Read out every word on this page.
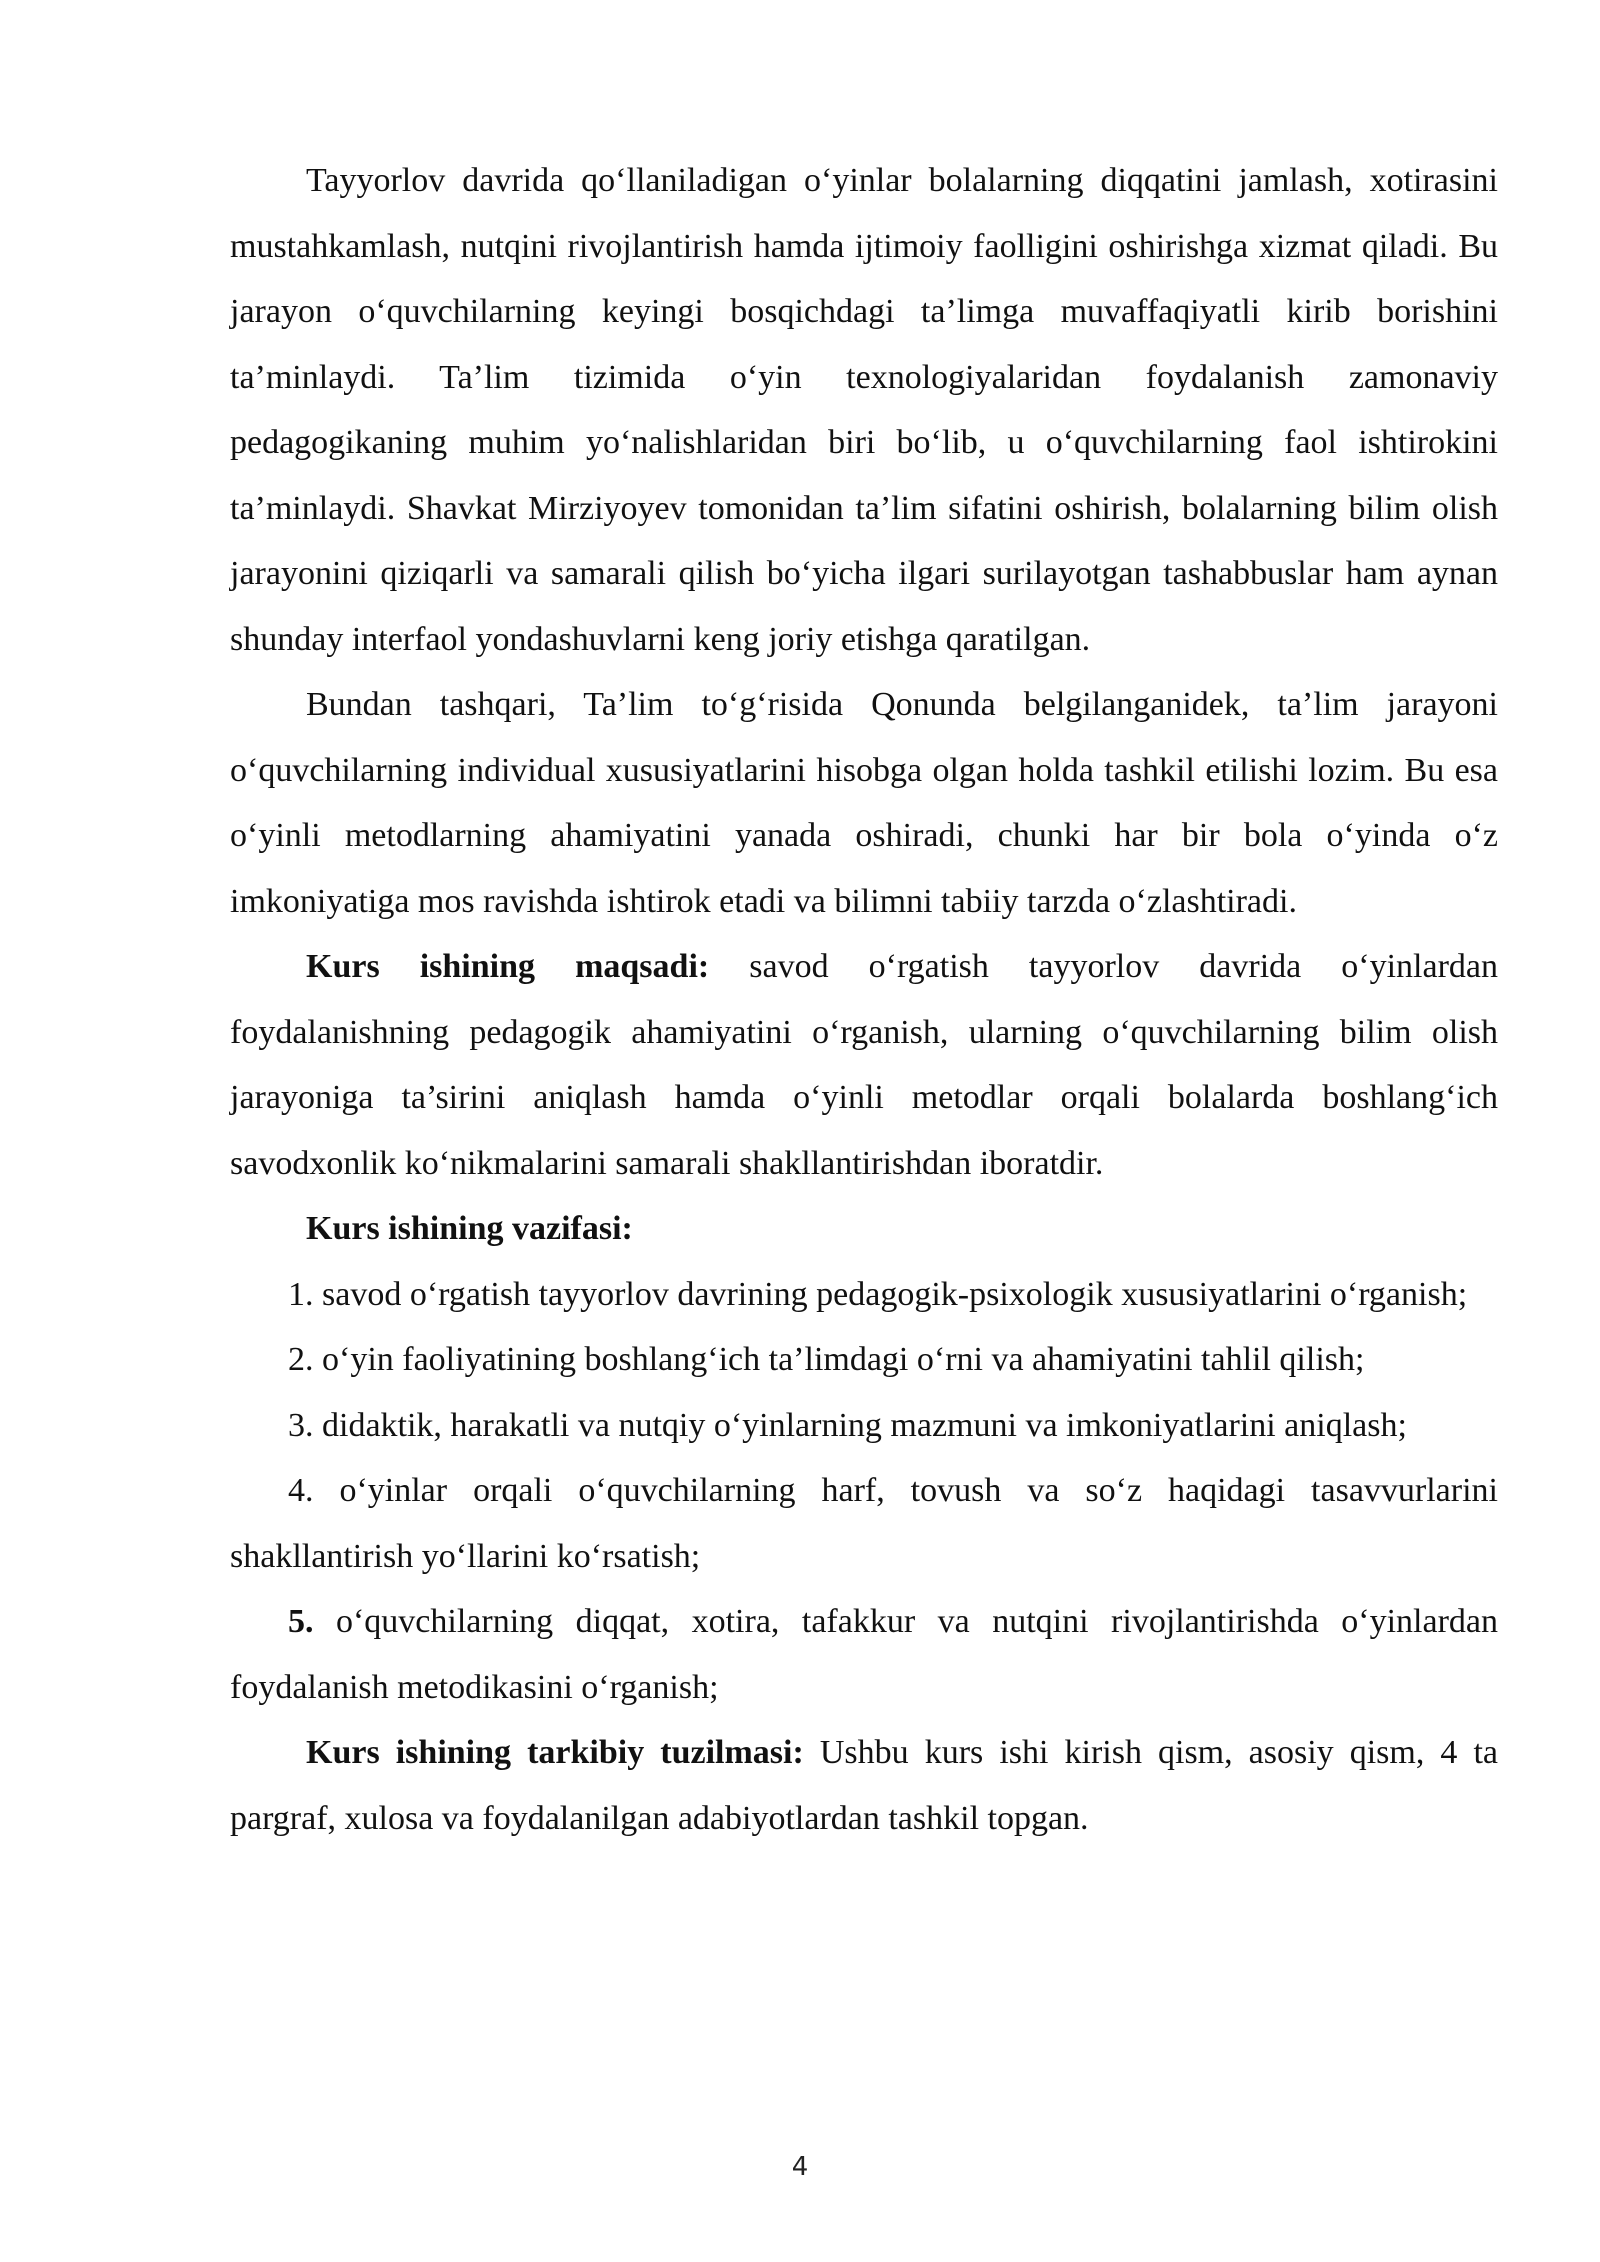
Tayyorlov davrida qo‘llaniladigan o‘yinlar bolalarning diqqatini jamlash, xotirasini mustahkamlash, nutqini rivojlantirish hamda ijtimoiy faolligini oshirishga xizmat qiladi. Bu jarayon o‘quvchilarning keyingi bosqichdagi ta’limga muvaffaqiyatli kirib borishini ta’minlaydi. Ta’lim tizimida o‘yin texnologiyalaridan foydalanish zamonaviy pedagogikaning muhim yo‘nalishlaridan biri bo‘lib, u o‘quvchilarning faol ishtirokini ta’minlaydi. Shavkat Mirziyoyev tomonidan ta’lim sifatini oshirish, bolalarning bilim olish jarayonini qiziqarli va samarali qilish bo‘yicha ilgari surilayotgan tashabbuslar ham aynan shunday interfaol yondashuvlarni keng joriy etishga qaratilgan.

Bundan tashqari, Ta’lim to‘g‘risida Qonunda belgilanganidek, ta’lim jarayoni o‘quvchilarning individual xususiyatlarini hisobga olgan holda tashkil etilishi lozim. Bu esa o‘yinli metodlarning ahamiyatini yanada oshiradi, chunki har bir bola o‘yinda o‘z imkoniyatiga mos ravishda ishtirok etadi va bilimni tabiiy tarzda o‘zlashtiradi.

Kurs ishining maqsadi: savod o‘rgatish tayyorlov davrida o‘yinlardan foydalanishning pedagogik ahamiyatini o‘rganish, ularning o‘quvchilarning bilim olish jarayoniga ta’sirini aniqlash hamda o‘yinli metodlar orqali bolalarda boshlang‘ich savodxonlik ko‘nikmalarini samarali shakllantirishdan iboratdir.

Kurs ishining vazifasi:

1. savod o‘rgatish tayyorlov davrining pedagogik-psixologik xususiyatlarini o‘rganish;

2. o‘yin faoliyatining boshlang‘ich ta’limdagi o‘rni va ahamiyatini tahlil qilish;

3. didaktik, harakatli va nutqiy o‘yinlarning mazmuni va imkoniyatlarini aniqlash;

4. o‘yinlar orqali o‘quvchilarning harf, tovush va so‘z haqidagi tasavvurlarini shakllantirish yo‘llarini ko‘rsatish;

5. o‘quvchilarning diqqat, xotira, tafakkur va nutqini rivojlantirishda o‘yinlardan foydalanish metodikasini o‘rganish;

Kurs ishining tarkibiy tuzilmasi: Ushbu kurs ishi kirish qism, asosiy qism, 4 ta pargraf, xulosa va foydalanilgan adabiyotlardan tashkil topgan.

4
